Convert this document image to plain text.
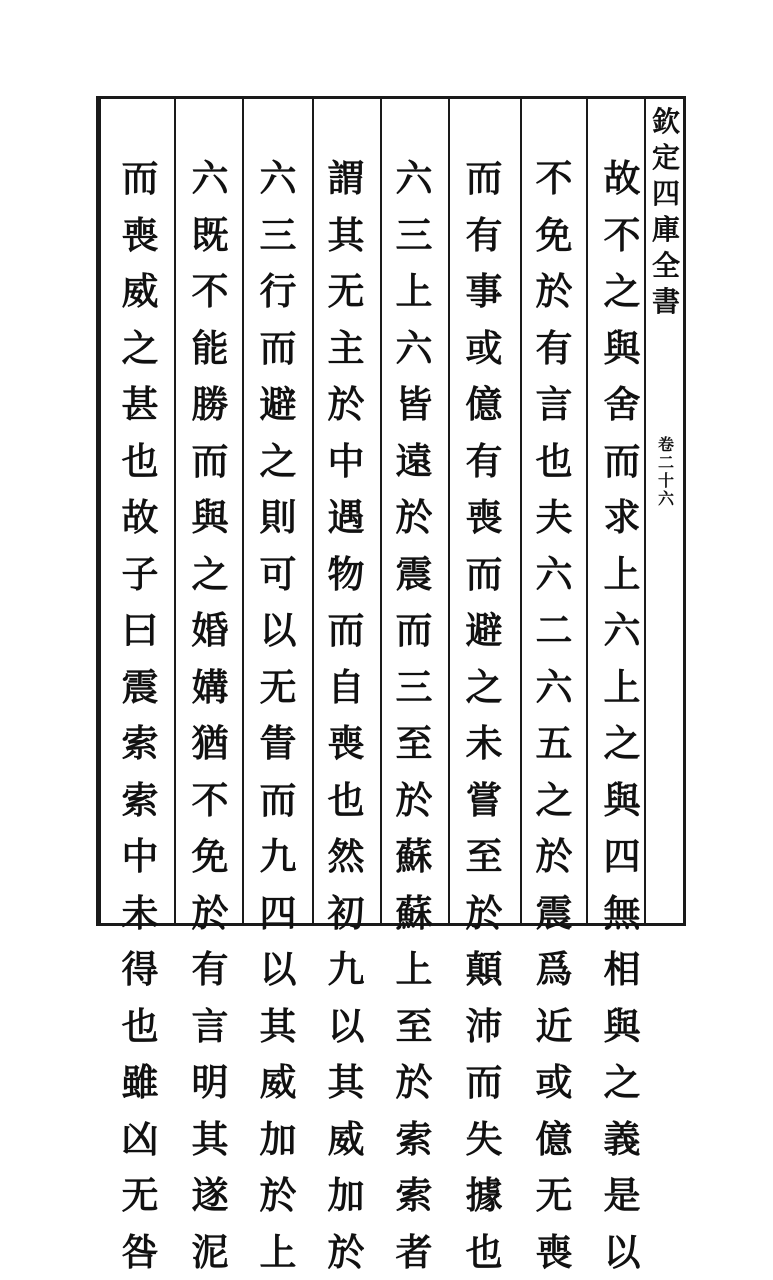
欽
定
四
庫
全
書
卷
二
十
六
故
不
之
與
舍
而
求
上
六
上
之
與
四
無
相
與
之
義
是
以
不
免
於
有
言
也
夫
六
二
六
五
之
於
震
爲
近
或
億
无
喪
而
有
事
或
億
有
喪
而
避
之
未
嘗
至
於
顛
沛
而
失
據
也
六
三
上
六
皆
遠
於
震
而
三
至
於
蘇
蘇
上
至
於
索
索
者
謂
其
无
主
於
中
遇
物
而
自
喪
也
然
初
九
以
其
威
加
於
六
三
行
而
避
之
則
可
以
无
眚
而
九
四
以
其
威
加
於
上
六
既
不
能
勝
而
與
之
婚
媾
猶
不
免
於
有
言
明
其
遂
泥
而
喪
威
之
甚
也
故
子
曰
震
索
索
中
未
得
也
雖
凶
无
咎
